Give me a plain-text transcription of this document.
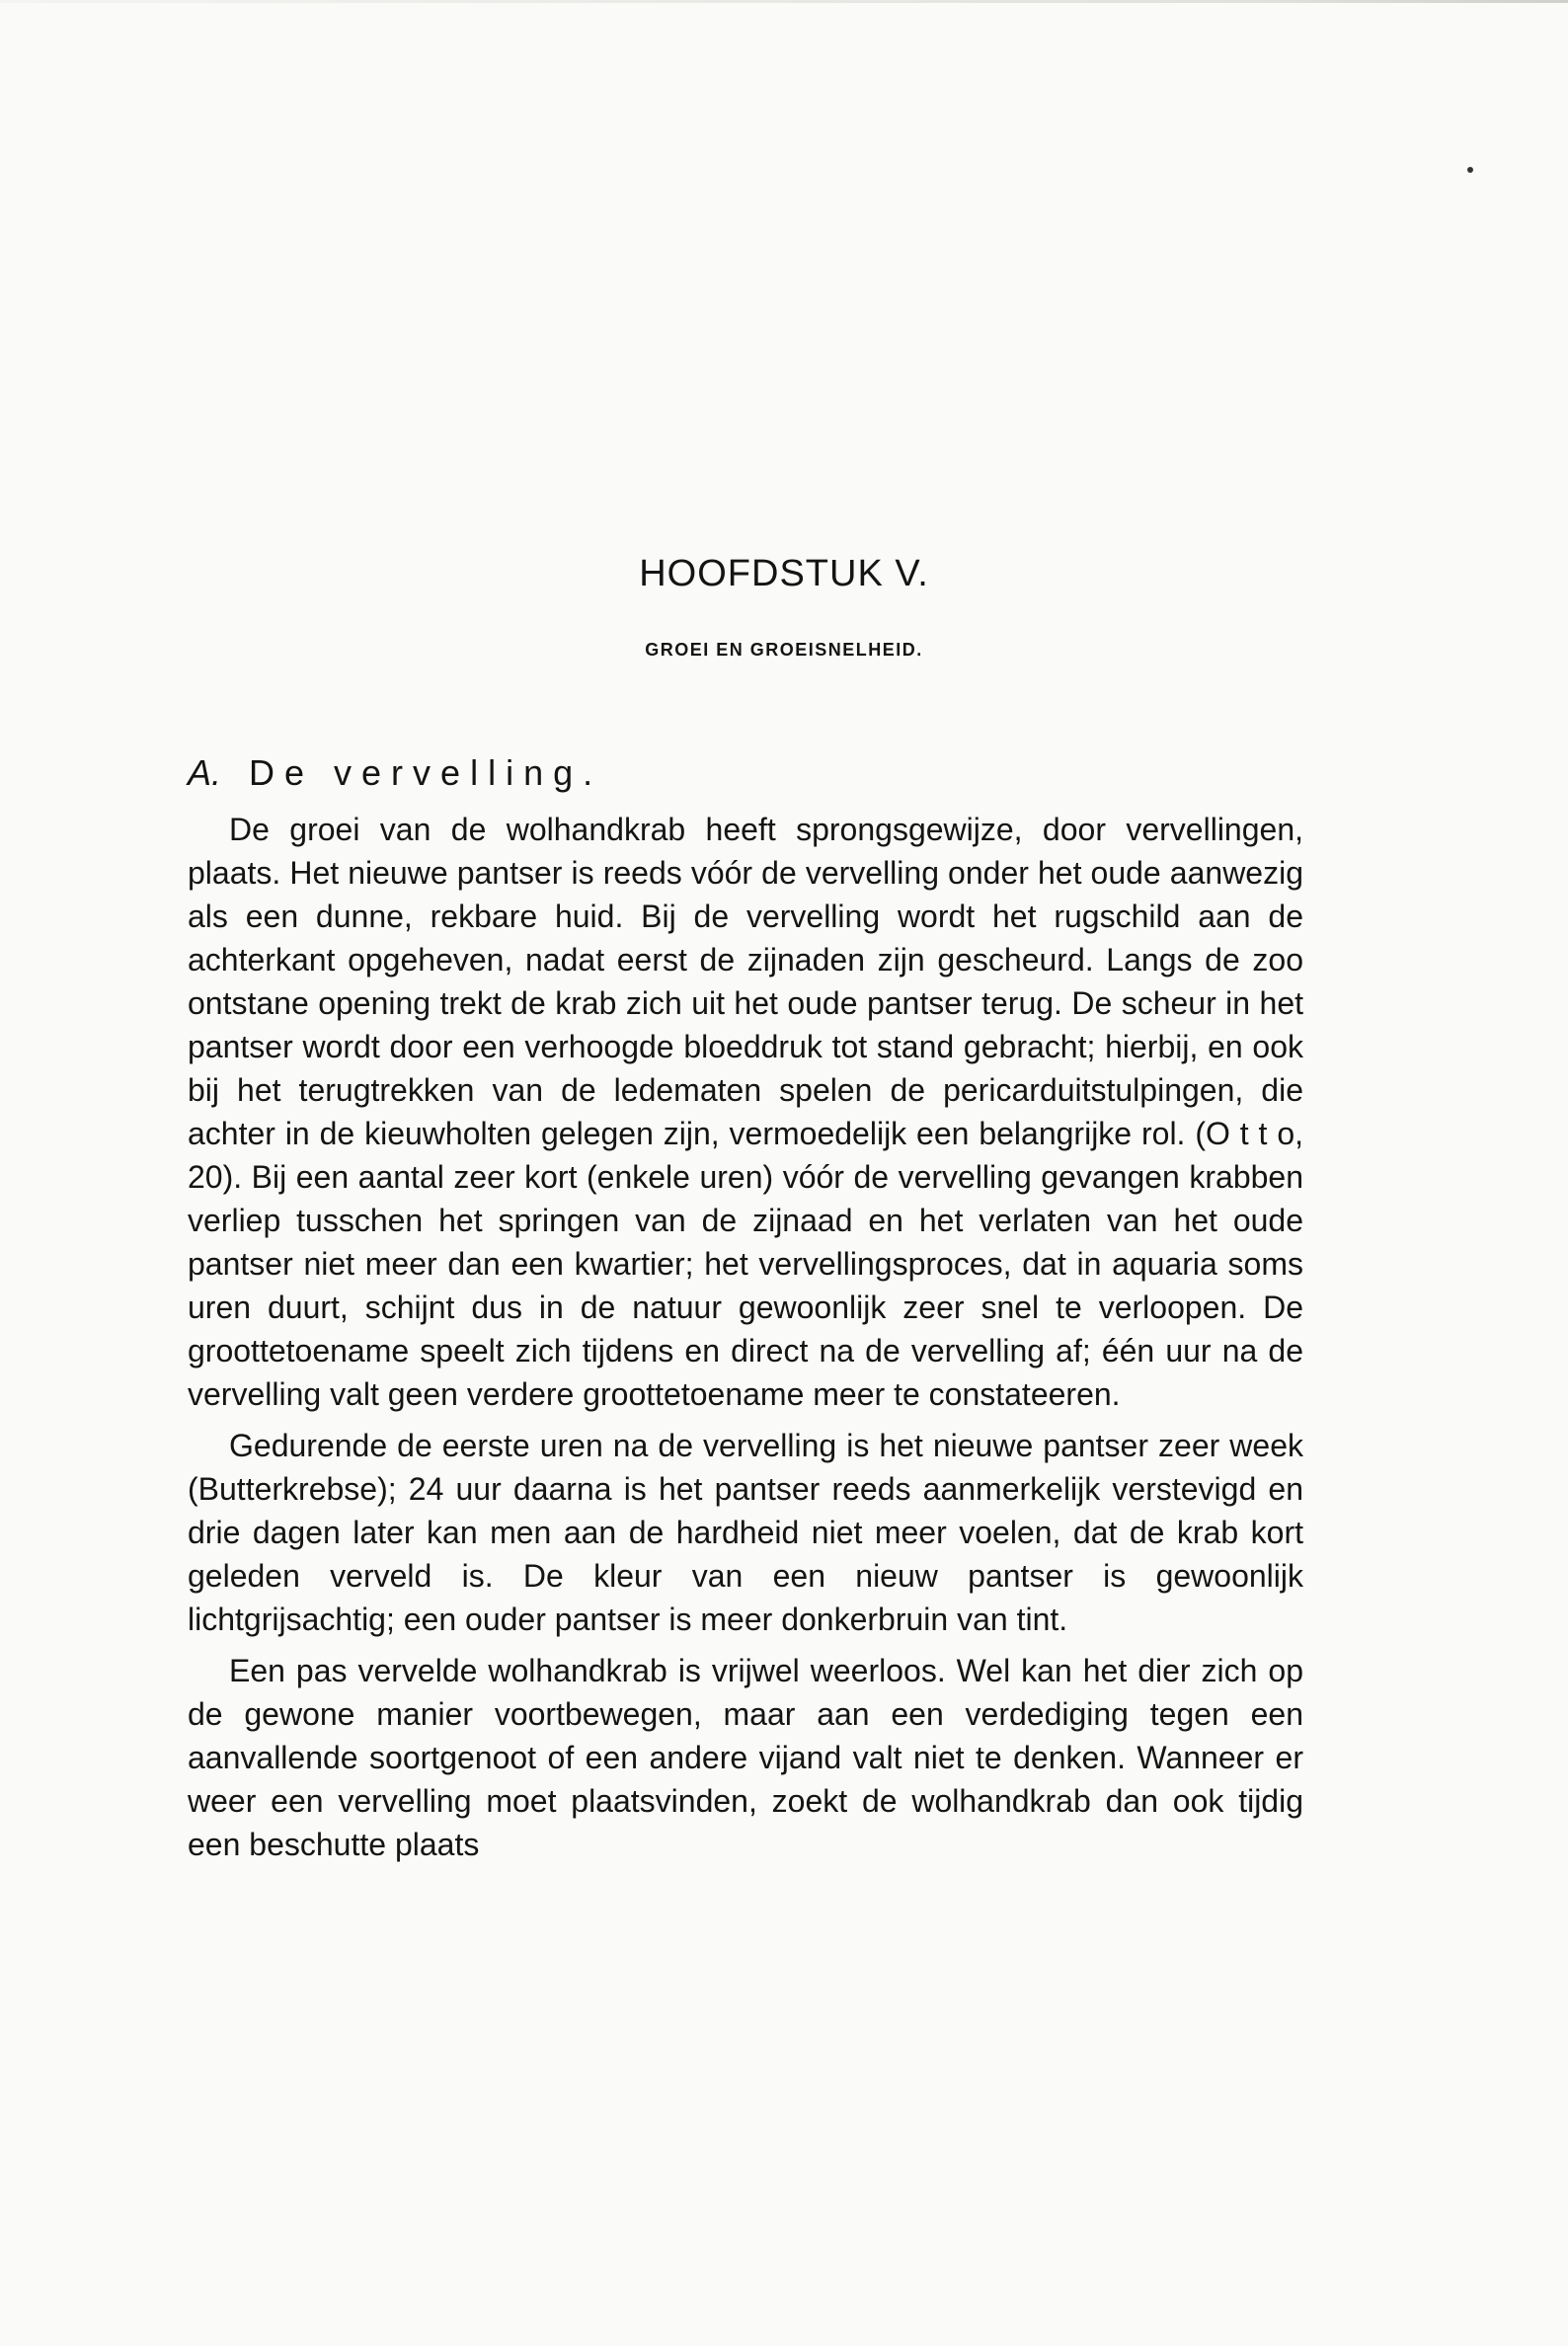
HOOFDSTUK V.
GROEI EN GROEISNELHEID.
A. De vervelling.

De groei van de wolhandkrab heeft sprongsgewijze, door vervellingen, plaats. Het nieuwe pantser is reeds vóór de vervelling onder het oude aanwezig als een dunne, rekbare huid. Bij de vervelling wordt het rugschild aan de achterkant opgeheven, nadat eerst de zijnaden zijn gescheurd. Langs de zoo ontstane opening trekt de krab zich uit het oude pantser terug. De scheur in het pantser wordt door een verhoogde bloeddruk tot stand gebracht; hierbij, en ook bij het terugtrekken van de ledematen spelen de pericarduitstulpingen, die achter in de kieuwholten gelegen zijn, vermoedelijk een belangrijke rol. (O t t o, 20). Bij een aantal zeer kort (enkele uren) vóór de vervelling gevangen krabben verliep tusschen het springen van de zijnaad en het verlaten van het oude pantser niet meer dan een kwartier; het vervellingsproces, dat in aquaria soms uren duurt, schijnt dus in de natuur gewoonlijk zeer snel te verloopen. De groottetoename speelt zich tijdens en direct na de vervelling af; één uur na de vervelling valt geen verdere groottetoename meer te constateeren.

Gedurende de eerste uren na de vervelling is het nieuwe pantser zeer week (Butterkrebse); 24 uur daarna is het pantser reeds aanmerkelijk verstevigd en drie dagen later kan men aan de hardheid niet meer voelen, dat de krab kort geleden verveld is. De kleur van een nieuw pantser is gewoonlijk lichtgrijsachtig; een ouder pantser is meer donkerbruin van tint.

Een pas vervelde wolhandkrab is vrijwel weerloos. Wel kan het dier zich op de gewone manier voortbewegen, maar aan een verdediging tegen een aanvallende soortgenoot of een andere vijand valt niet te denken. Wanneer er weer een vervelling moet plaatsvinden, zoekt de wolhandkrab dan ook tijdig een beschutte plaats
